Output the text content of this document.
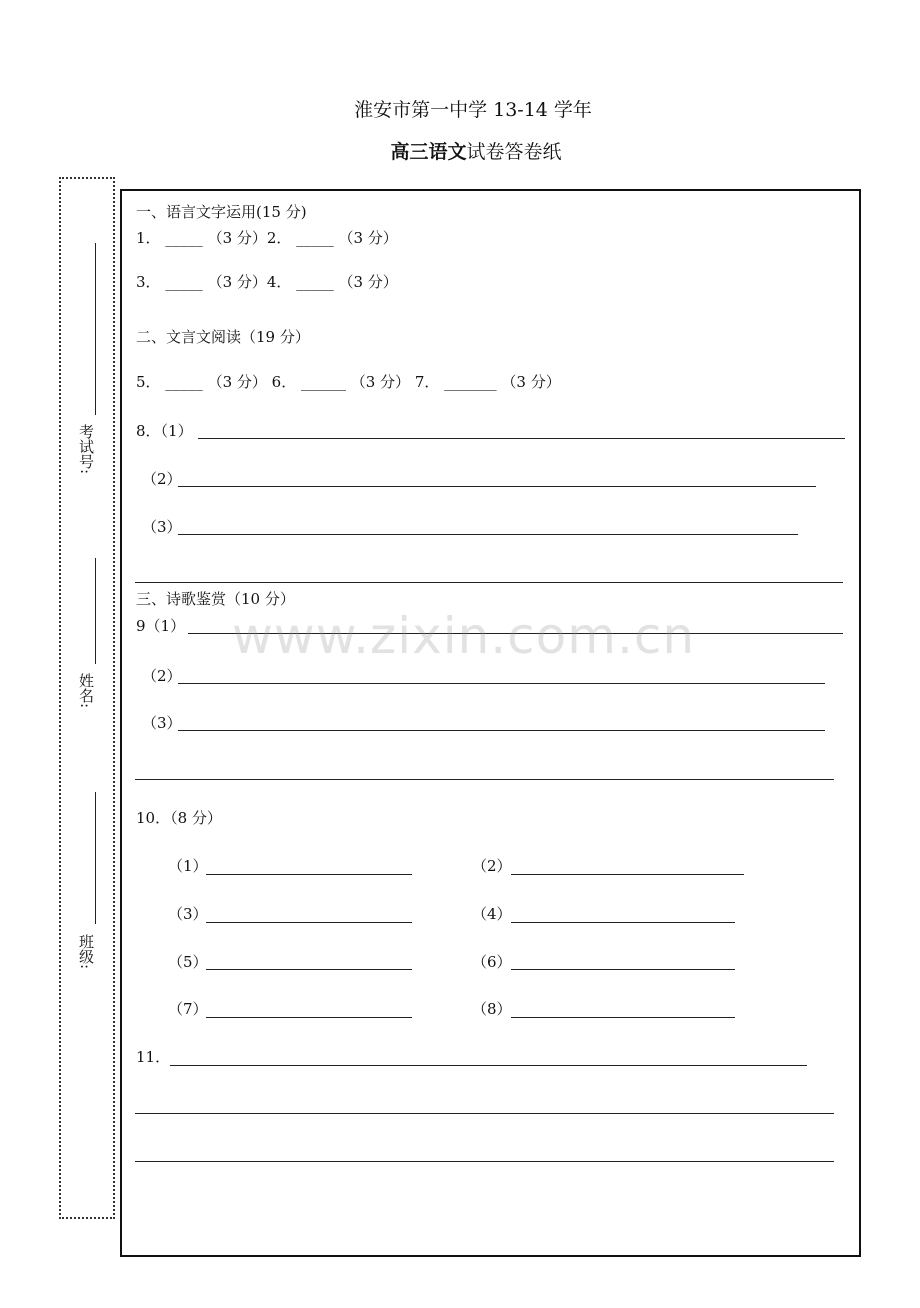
淮安市第一中学 13-14 学年
高三语文试卷答卷纸
考试号:
姓名:
班级:
一、语言文字运用(15 分)
1． _____ （3 分）2． _____ （3 分）
3． _____ （3 分）4． _____ （3 分）
二、文言文阅读（19 分）
5． _____ （3 分） 6． ______ （3 分） 7． _______ （3 分）
8．（1）
（2）
（3）
三、诗歌鉴赏（10 分）
9（1）
（2）
（3）
10．（8 分）
（1）	（2）
（3）	（4）
（5）	（6）
（7）	（8）
11．
www.zixin.com.cn
